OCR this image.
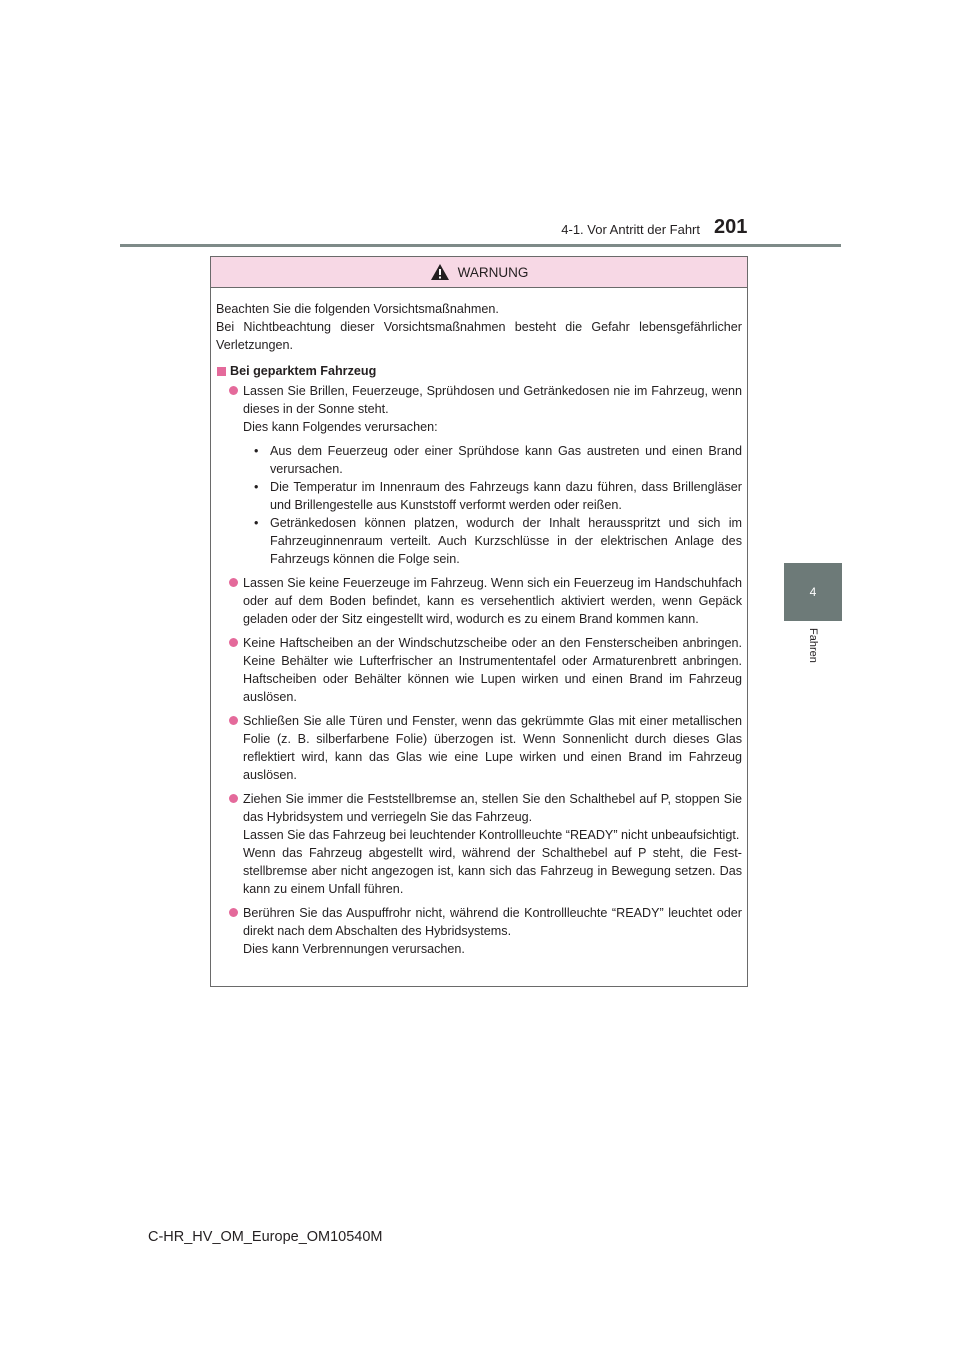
4-1. Vor Antritt der Fahrt 201
4
Fahren
WARNUNG

Beachten Sie die folgenden Vorsichtsmaßnahmen.

Bei Nichtbeachtung dieser Vorsichtsmaßnahmen besteht die Gefahr lebensgefährlicher Verletzungen.

Bei geparktem Fahrzeug

Lassen Sie Brillen, Feuerzeuge, Sprühdosen und Getränkedosen nie im Fahrzeug, wenn dieses in der Sonne steht.

Dies kann Folgendes verursachen:

• Aus dem Feuerzeug oder einer Sprühdose kann Gas austreten und einen Brand verursachen.

• Die Temperatur im Innenraum des Fahrzeugs kann dazu führen, dass Brillengläser und Brillengestelle aus Kunststoff verformt werden oder reißen.

• Getränkedosen können platzen, wodurch der Inhalt herausspritzt und sich im Fahrzeuginnenraum verteilt. Auch Kurzschlüsse in der elektrischen Anlage des Fahrzeugs können die Folge sein.

Lassen Sie keine Feuerzeuge im Fahrzeug. Wenn sich ein Feuerzeug im Handschuhfach oder auf dem Boden befindet, kann es versehentlich aktiviert werden, wenn Gepäck geladen oder der Sitz eingestellt wird, wodurch es zu einem Brand kommen kann.

Keine Haftscheiben an der Windschutzscheibe oder an den Fensterscheiben anbringen. Keine Behälter wie Lufterfrischer an Instrumententafel oder Armaturenbrett anbringen. Haftscheiben oder Behälter können wie Lupen wirken und einen Brand im Fahrzeug auslösen.

Schließen Sie alle Türen und Fenster, wenn das gekrümmte Glas mit einer metallischen Folie (z. B. silberfarbene Folie) überzogen ist. Wenn Sonnenlicht durch dieses Glas reflektiert wird, kann das Glas wie eine Lupe wirken und einen Brand im Fahrzeug auslösen.

Ziehen Sie immer die Feststellbremse an, stellen Sie den Schalthebel auf P, stoppen Sie das Hybridsystem und verriegeln Sie das Fahrzeug.

Lassen Sie das Fahrzeug bei leuchtender Kontrollleuchte “READY” nicht unbeaufsichtigt.

Wenn das Fahrzeug abgestellt wird, während der Schalthebel auf P steht, die Feststellbremse aber nicht angezogen ist, kann sich das Fahrzeug in Bewegung setzen. Das kann zu einem Unfall führen.

Berühren Sie das Auspuffrohr nicht, während die Kontrollleuchte “READY” leuchtet oder direkt nach dem Abschalten des Hybridsystems.

Dies kann Verbrennungen verursachen.

C-HR_HV_OM_Europe_OM10540M
